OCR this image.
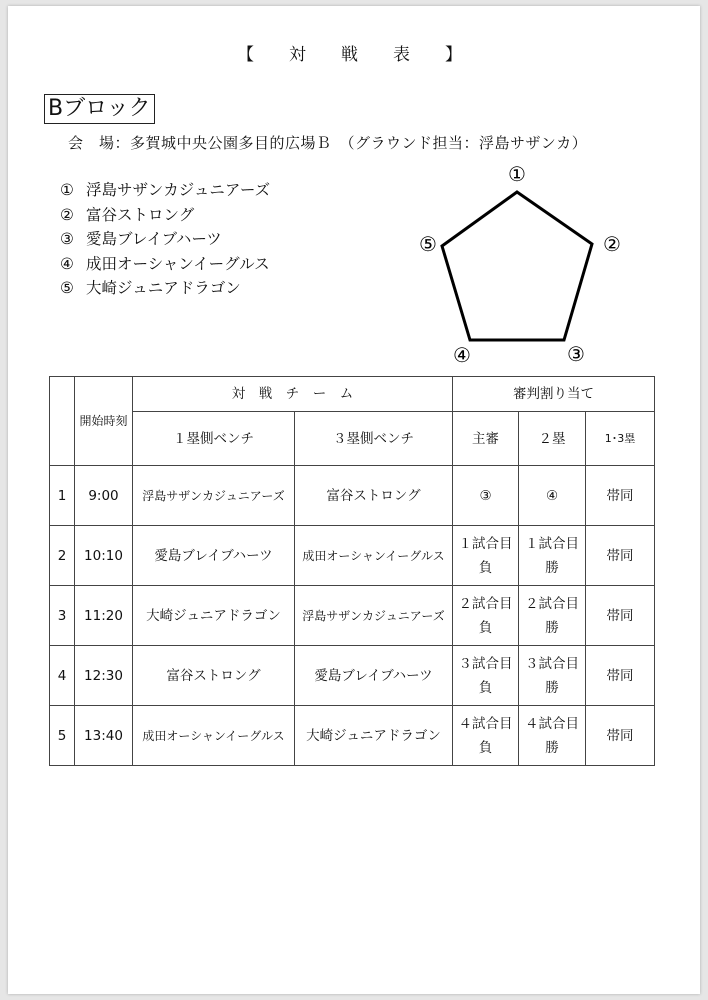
【　対　戦　表　】
Bブロック
会　場：多賀城中央公園多目的広場Ｂ　（グラウンド担当：浮島サザンカ）
① 浮島サザンカジュニアーズ
② 富谷ストロング
③ 愛島ブレイブハーツ
④ 成田オーシャンイーグルス
⑤ 大崎ジュニアドラゴン
①
②
③
④
⑤
	開始時刻	対　戦　チ　ー　ム		審判割り当て		
		１塁側ベンチ	３塁側ベンチ	主審	２塁	1･3塁
1	9:00	浮島サザンカジュニアーズ	富谷ストロング	③	④	帯同
2	10:10	愛島ブレイブハーツ	成田オーシャンイーグルス	１試合目負	１試合目勝	帯同
3	11:20	大崎ジュニアドラゴン	浮島サザンカジュニアーズ	２試合目負	２試合目勝	帯同
4	12:30	富谷ストロング	愛島ブレイブハーツ	３試合目負	３試合目勝	帯同
5	13:40	成田オーシャンイーグルス	大崎ジュニアドラゴン	４試合目負	４試合目勝	帯同
